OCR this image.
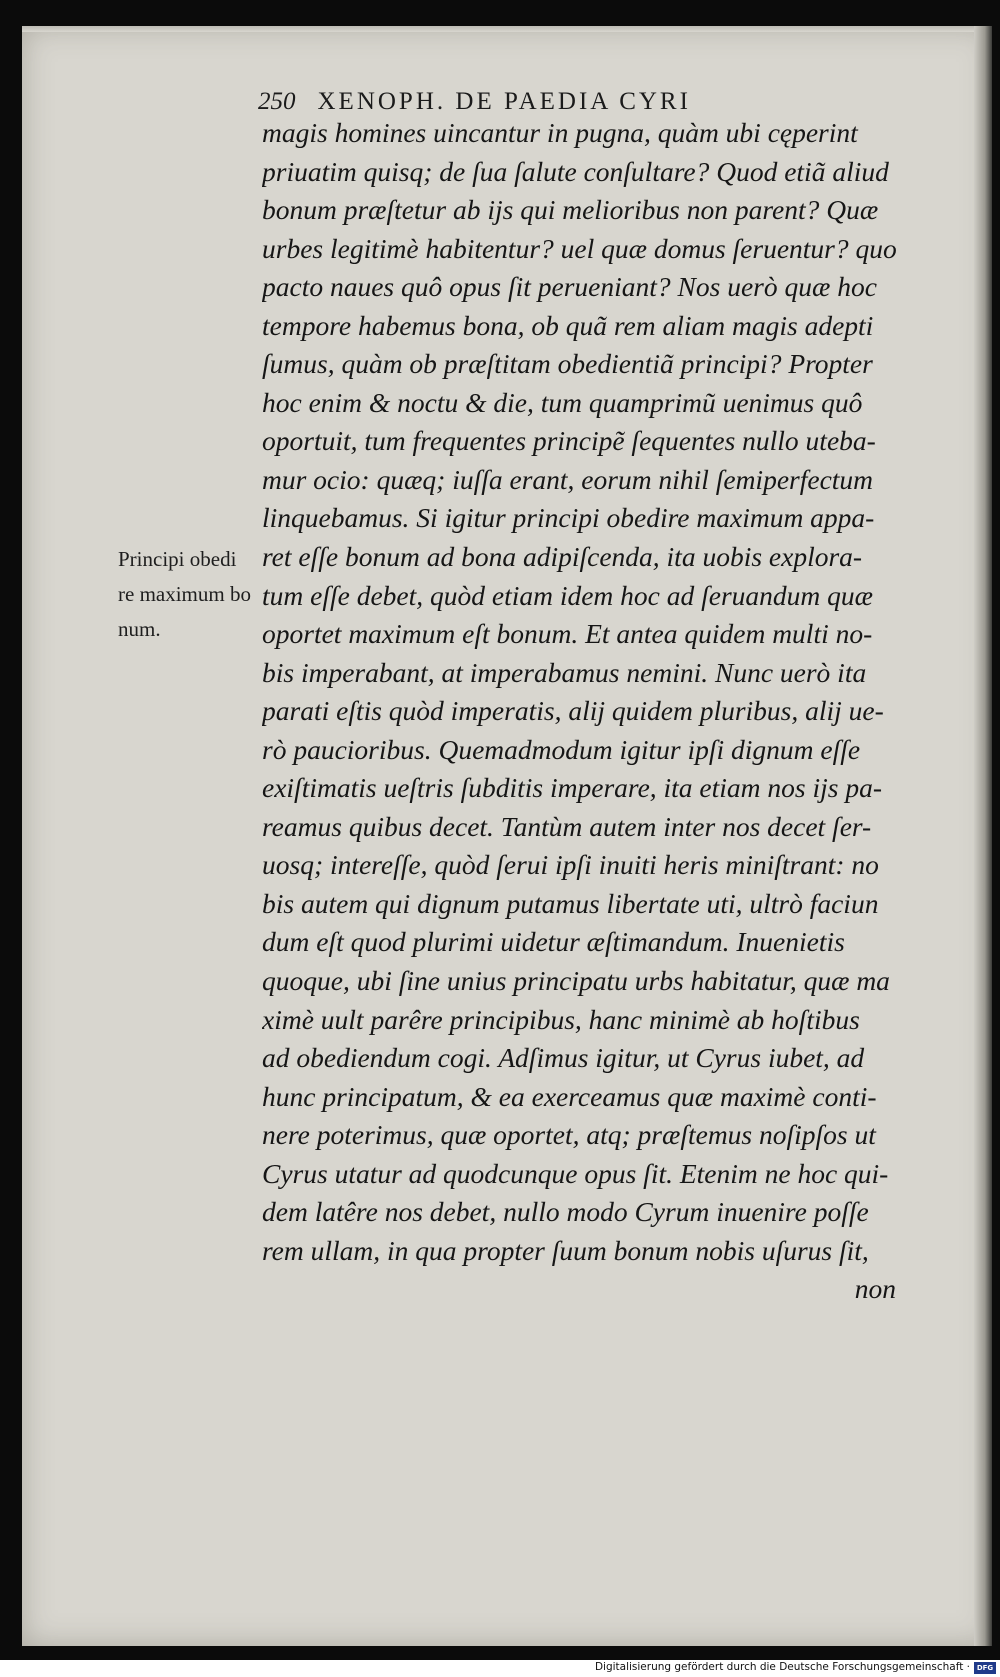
250 XENOPH. DE PAEDIA CYRI
magis homines uincantur in pugna, quàm ubi cęperint
priuatim quisq; de ſua ſalute conſultare? Quod etiã aliud
bonum præſtetur ab ijs qui melioribus non parent? Quæ
urbes legitimè habitentur? uel quæ domus ſeruentur? quo
pacto naues quô opus ſit perueniant? Nos uerò quæ hoc
tempore habemus bona, ob quã rem aliam magis adepti
ſumus, quàm ob præſtitam obedientiã principi? Propter
hoc enim & noctu & die, tum quamprimũ uenimus quô
oportuit, tum frequentes principẽ ſequentes nullo uteba-
mur ocio: quæq; iuſſa erant, eorum nihil ſemiperfectum
linquebamus. Si igitur principi obedire maximum appa-
ret eſſe bonum ad bona adipiſcenda, ita uobis explora-
tum eſſe debet, quòd etiam idem hoc ad ſeruandum quæ
oportet maximum eſt bonum. Et antea quidem multi no-
bis imperabant, at imperabamus nemini. Nunc uerò ita
parati eſtis quòd imperatis, alij quidem pluribus, alij ue-
rò paucioribus. Quemadmodum igitur ipſi dignum eſſe
exiſtimatis ueſtris ſubditis imperare, ita etiam nos ijs pa-
reamus quibus decet. Tantùm autem inter nos decet ſer-
uosq; intereſſe, quòd ſerui ipſi inuiti heris miniſtrant: no
bis autem qui dignum putamus libertate uti, ultrò faciun
dum eſt quod plurimi uidetur æſtimandum. Inuenietis
quoque, ubi ſine unius principatu urbs habitatur, quæ ma
ximè uult parêre principibus, hanc minimè ab hoſtibus
ad obediendum cogi. Adſimus igitur, ut Cyrus iubet, ad
hunc principatum, & ea exerceamus quæ maximè conti-
nere poterimus, quæ oportet, atq; præſtemus noſipſos ut
Cyrus utatur ad quodcunque opus ſit. Etenim ne hoc qui-
dem latêre nos debet, nullo modo Cyrum inuenire poſſe
rem ullam, in qua propter ſuum bonum nobis uſurus ſit,
non
Principi obedi
re maximum bo
num.
Digitalisierung gefördert durch die Deutsche Forschungsgemeinschaft · DFG
